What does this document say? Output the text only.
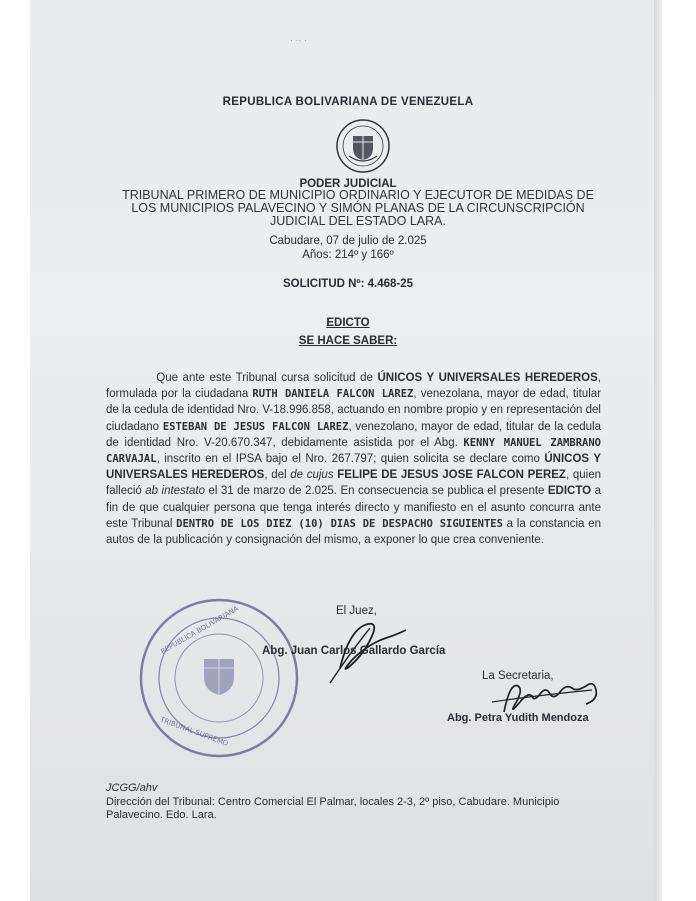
· ·· ·
REPUBLICA BOLIVARIANA DE VENEZUELA
PODER JUDICIAL
TRIBUNAL PRIMERO DE MUNICIPIO ORDINARIO Y EJECUTOR DE MEDIDAS DE LOS MUNICIPIOS PALAVECINO Y SIMÓN PLANAS DE LA CIRCUNSCRIPCIÓN JUDICIAL DEL ESTADO LARA.
Cabudare, 07 de julio de 2.025
Años: 214º y 166º
SOLICITUD Nº: 4.468-25
EDICTO
SE HACE SABER:
Que ante este Tribunal cursa solicitud de ÚNICOS Y UNIVERSALES HEREDEROS, formulada por la ciudadana RUTH DANIELA FALCON LAREZ, venezolana, mayor de edad, titular de la cedula de identidad Nro. V-18.996.858, actuando en nombre propio y en representación del ciudadano ESTEBAN DE JESUS FALCON LAREZ, venezolano, mayor de edad, titular de la cedula de identidad Nro. V-20.670.347, debidamente asistida por el Abg. KENNY MANUEL ZAMBRANO CARVAJAL, inscrito en el IPSA bajo el Nro. 267.797; quien solicita se declare como ÚNICOS Y UNIVERSALES HEREDEROS, del de cujus FELIPE DE JESUS JOSE FALCON PEREZ, quien falleció ab intestato el 31 de marzo de 2.025. En consecuencia se publica el presente EDICTO a fin de que cualquier persona que tenga interés directo y manifiesto en el asunto concurra ante este Tribunal DENTRO DE LOS DIEZ (10) DIAS DE DESPACHO SIGUIENTES a la constancia en autos de la publicación y consignación del mismo, a exponer lo que crea conveniente.
REPUBLICA BOLIVARIANA
TRIBUNAL SUPREMO
El Juez,
Abg. Juan Carlos Gallardo García
La Secretaria,
Abg. Petra Yudith Mendoza
JCGG/ahv
Dirección del Tribunal: Centro Comercial El Palmar, locales 2-3, 2º piso, Cabudare. Municipio Palavecino. Edo. Lara.
